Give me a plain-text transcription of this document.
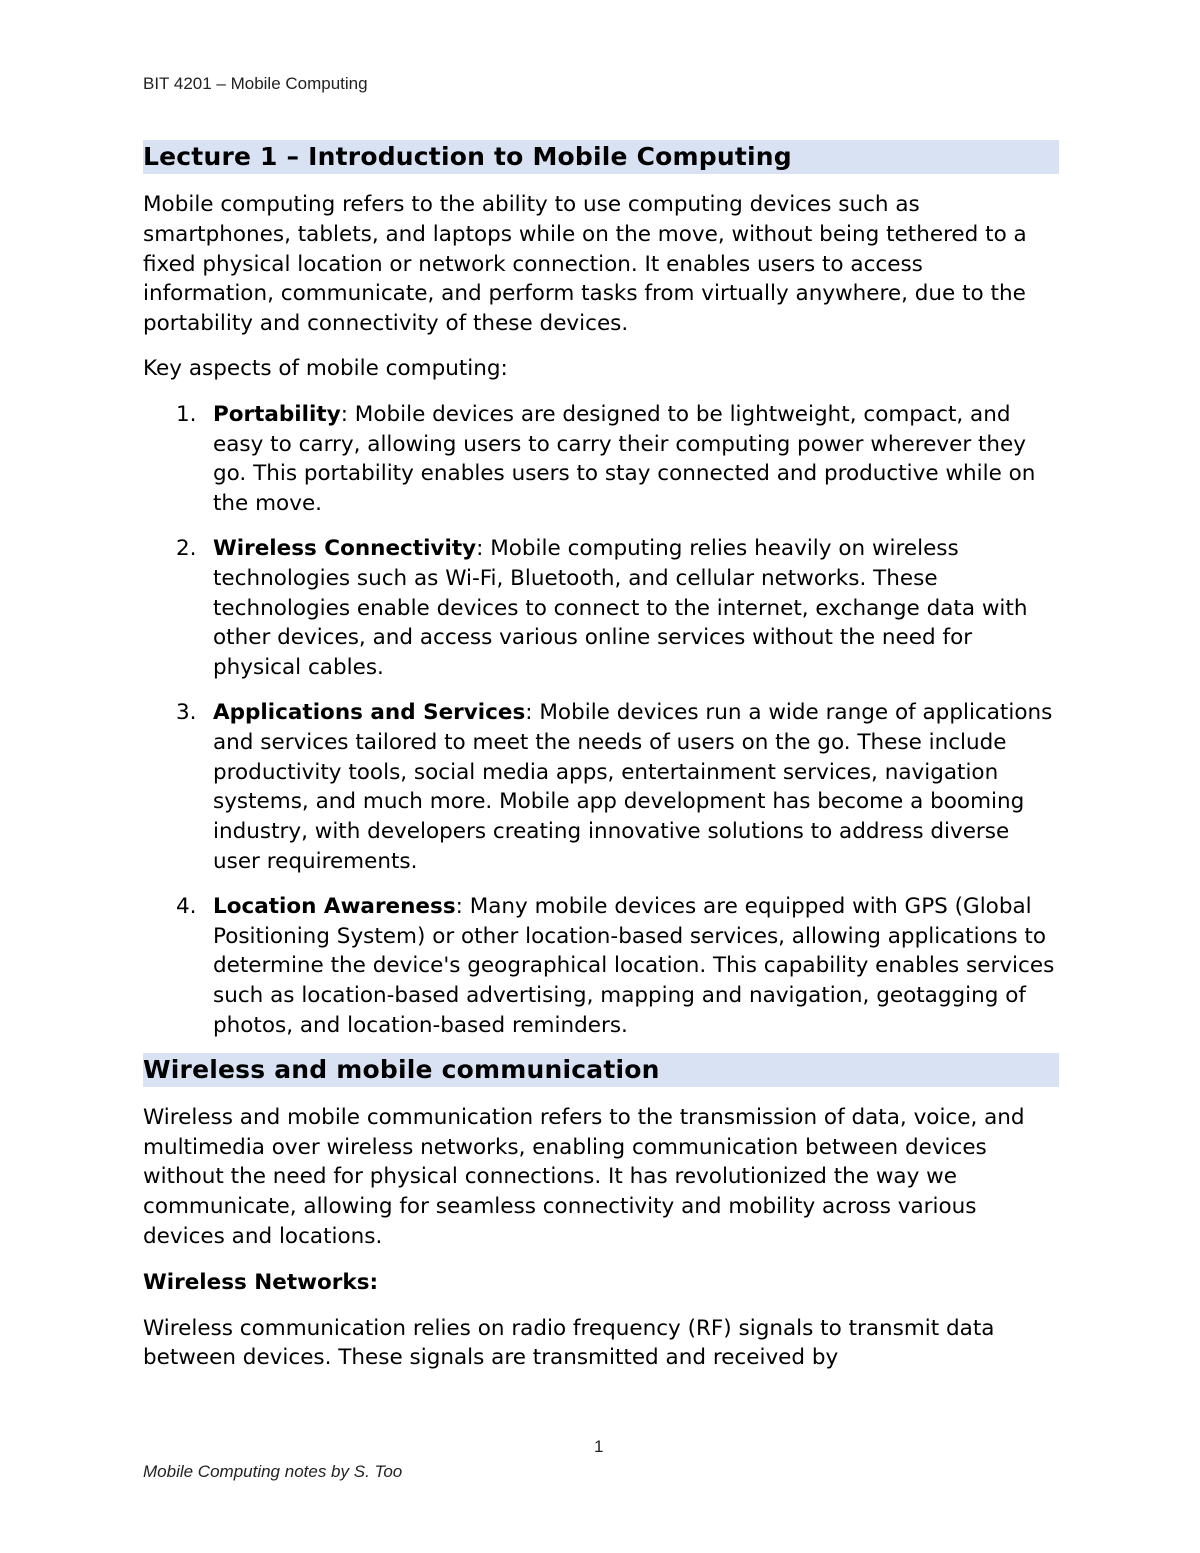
BIT 4201 – Mobile Computing
Lecture 1 – Introduction to Mobile Computing

Mobile computing refers to the ability to use computing devices such as smartphones, tablets, and laptops while on the move, without being tethered to a fixed physical location or network connection. It enables users to access information, communicate, and perform tasks from virtually anywhere, due to the portability and connectivity of these devices.

Key aspects of mobile computing:

1. Portability: Mobile devices are designed to be lightweight, compact, and easy to carry, allowing users to carry their computing power wherever they go. This portability enables users to stay connected and productive while on the move.
2. Wireless Connectivity: Mobile computing relies heavily on wireless technologies such as Wi-Fi, Bluetooth, and cellular networks. These technologies enable devices to connect to the internet, exchange data with other devices, and access various online services without the need for physical cables.
3. Applications and Services: Mobile devices run a wide range of applications and services tailored to meet the needs of users on the go. These include productivity tools, social media apps, entertainment services, navigation systems, and much more. Mobile app development has become a booming industry, with developers creating innovative solutions to address diverse user requirements.
4. Location Awareness: Many mobile devices are equipped with GPS (Global Positioning System) or other location-based services, allowing applications to determine the device's geographical location. This capability enables services such as location-based advertising, mapping and navigation, geotagging of photos, and location-based reminders.
Wireless and mobile communication

Wireless and mobile communication refers to the transmission of data, voice, and multimedia over wireless networks, enabling communication between devices without the need for physical connections. It has revolutionized the way we communicate, allowing for seamless connectivity and mobility across various devices and locations.

Wireless Networks:

Wireless communication relies on radio frequency (RF) signals to transmit data between devices. These signals are transmitted and received by

1
Mobile Computing notes by S. Too
